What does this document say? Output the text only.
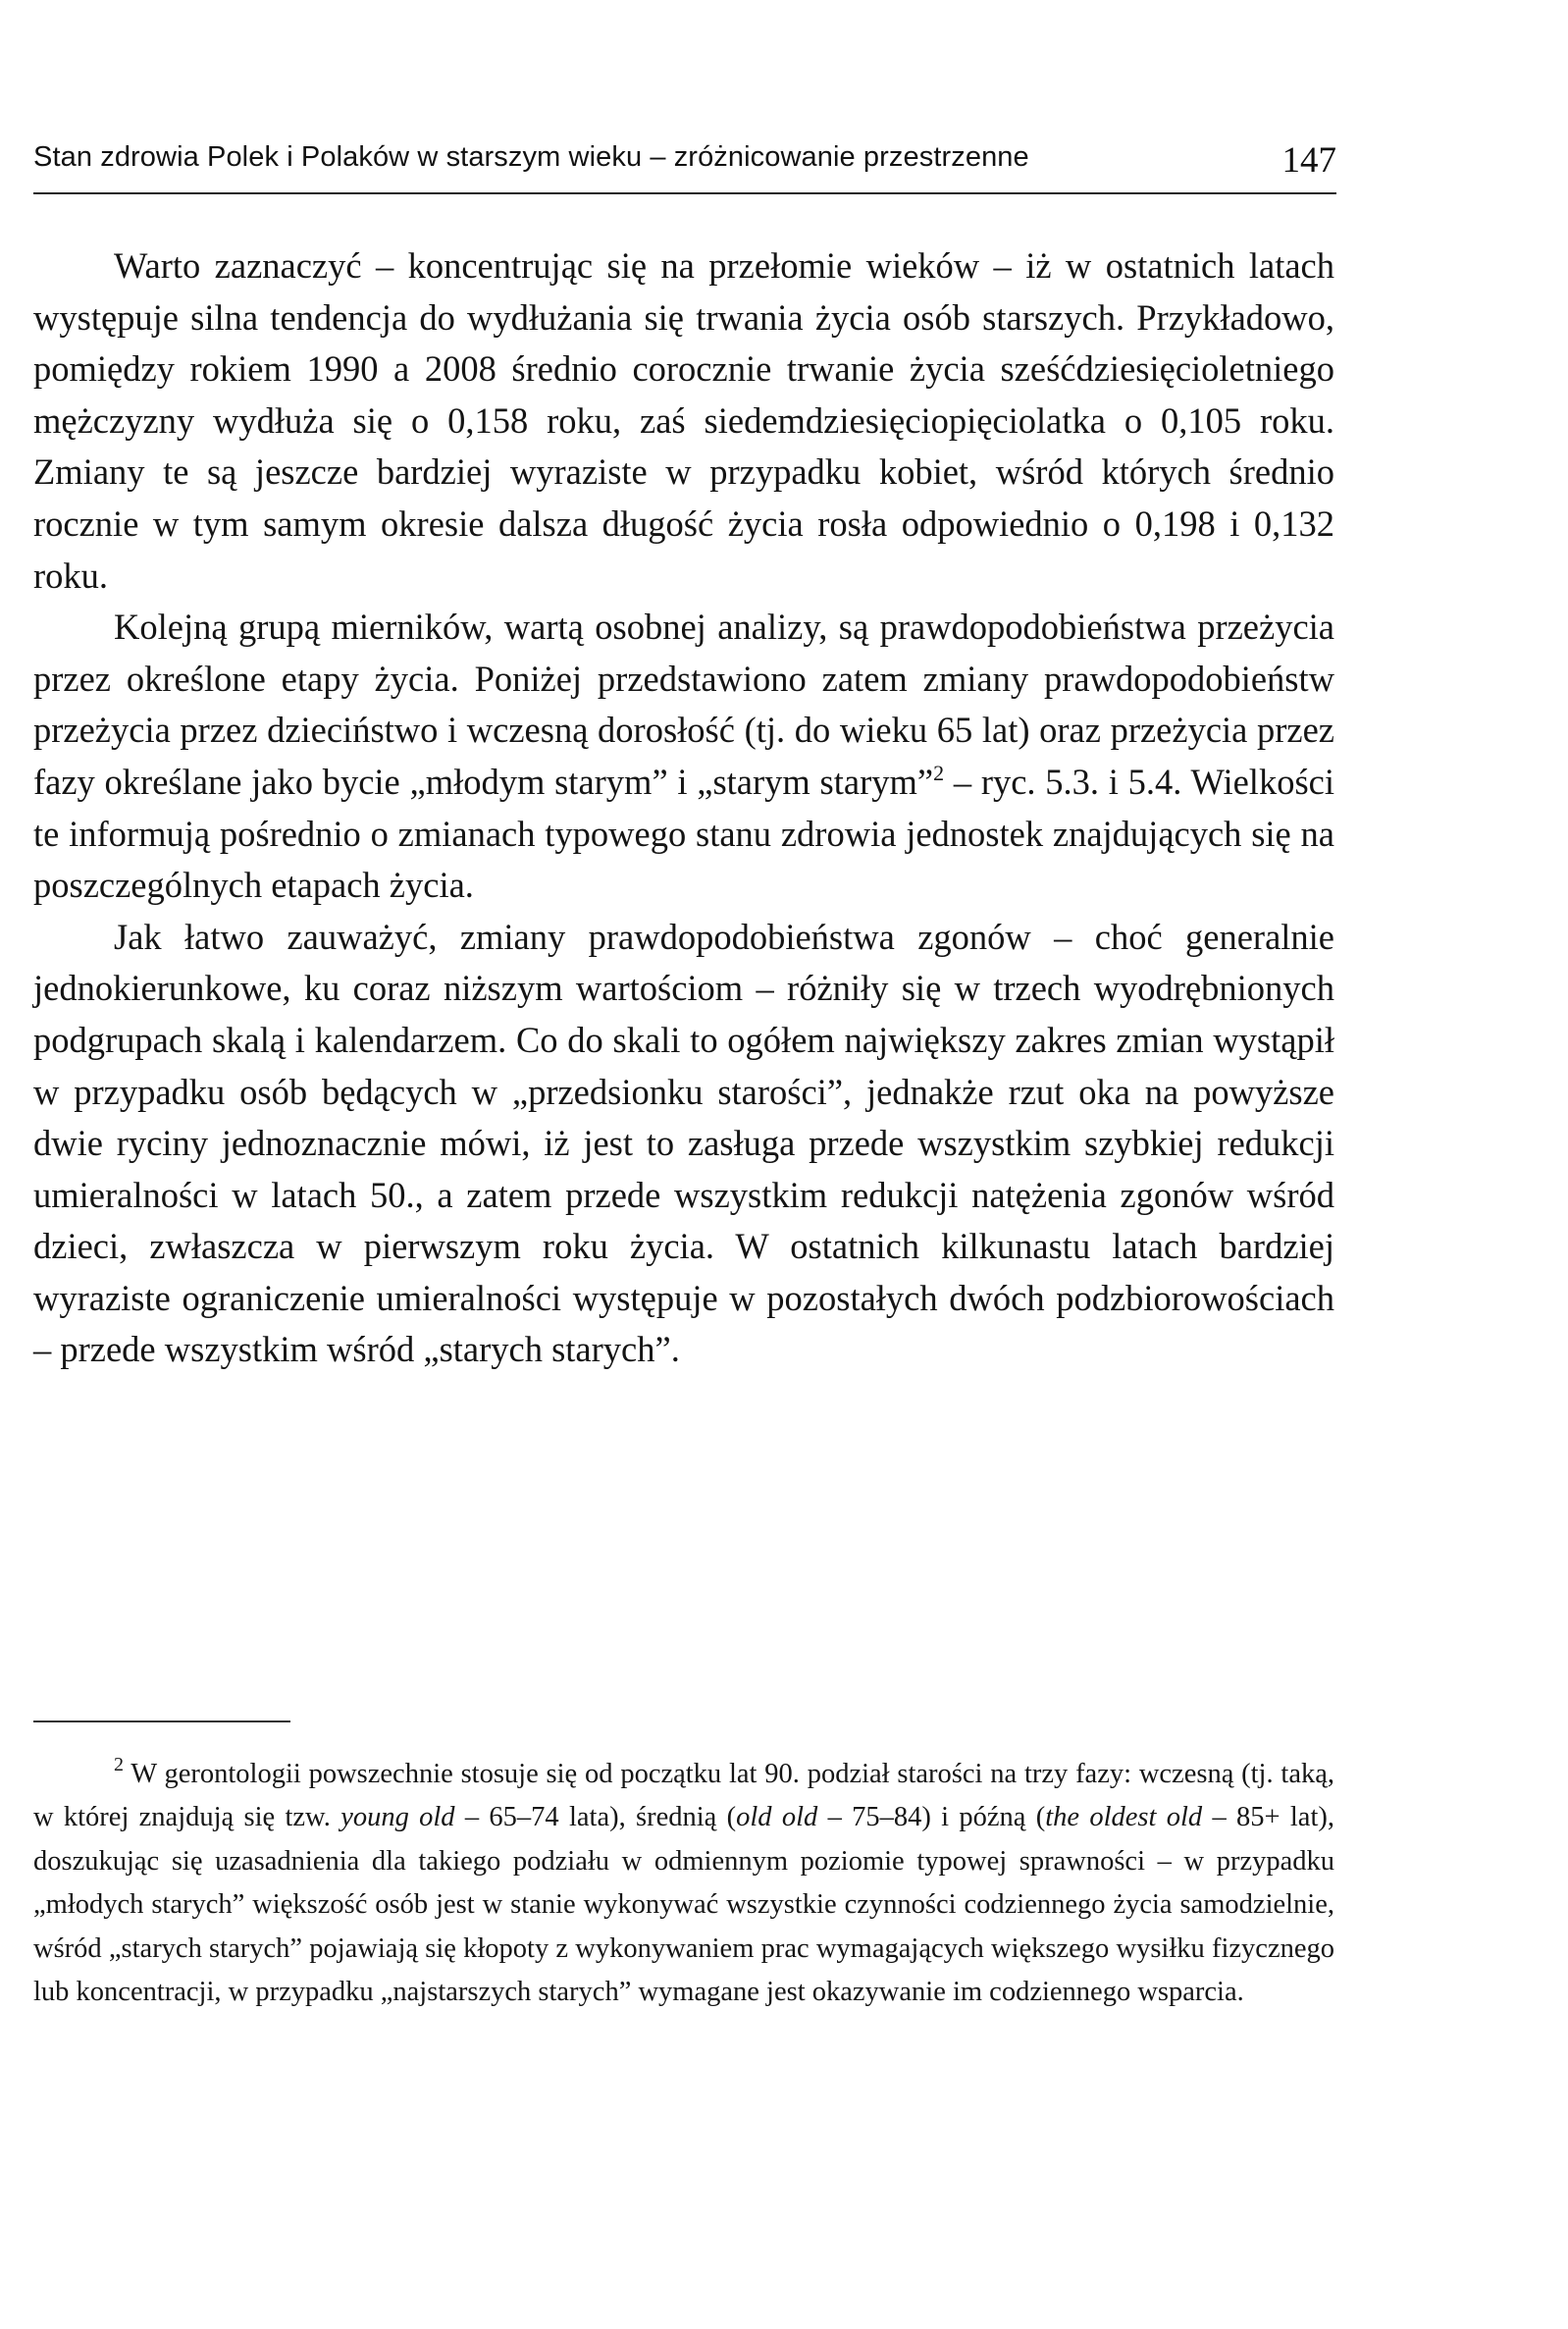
Stan zdrowia Polek i Polaków w starszym wieku – zróżnicowanie przestrzenne	147

Warto zaznaczyć – koncentrując się na przełomie wieków – iż w ostatnich latach występuje silna tendencja do wydłużania się trwania życia osób starszych. Przykładowo, pomiędzy rokiem 1990 a 2008 średnio corocznie trwanie życia sześćdziesięcioletniego mężczyzny wydłuża się o 0,158 roku, zaś siedemdziesięciopięciolatka o 0,105 roku. Zmiany te są jeszcze bardziej wyraziste w przypadku kobiet, wśród których średnio rocznie w tym samym okresie dalsza długość życia rosła odpowiednio o 0,198 i 0,132 roku.

Kolejną grupą mierników, wartą osobnej analizy, są prawdopodobieństwa przeżycia przez określone etapy życia. Poniżej przedstawiono zatem zmiany prawdopodobieństw przeżycia przez dzieciństwo i wczesną dorosłość (tj. do wieku 65 lat) oraz przeżycia przez fazy określane jako bycie „młodym starym” i „starym starym”$^2$ – ryc. 5.3. i 5.4. Wielkości te informują pośrednio o zmianach typowego stanu zdrowia jednostek znajdujących się na poszczególnych etapach życia.

Jak łatwo zauważyć, zmiany prawdopodobieństwa zgonów – choć generalnie jednokierunkowe, ku coraz niższym wartościom – różniły się w trzech wyodrębnionych podgrupach skalą i kalendarzem. Co do skali to ogółem największy zakres zmian wystąpił w przypadku osób będących w „przedsionku starości”, jednakże rzut oka na powyższe dwie ryciny jednoznacznie mówi, iż jest to zasługa przede wszystkim szybkiej redukcji umieralności w latach 50., a zatem przede wszystkim redukcji natężenia zgonów wśród dzieci, zwłaszcza w pierwszym roku życia. W ostatnich kilkunastu latach bardziej wyraziste ograniczenie umieralności występuje w pozostałych dwóch podzbiorowościach – przede wszystkim wśród „starych starych”.

$^2$ W gerontologii powszechnie stosuje się od początku lat 90. podział starości na trzy fazy: wczesną (tj. taką, w której znajdują się tzw. young old – 65–74 lata), średnią (old old – 75–84) i późną (the oldest old – 85+ lat), doszukując się uzasadnienia dla takiego podziału w odmiennym poziomie typowej sprawności – w przypadku „młodych starych” większość osób jest w stanie wykonywać wszystkie czynności codziennego życia samodzielnie, wśród „starych starych” pojawiają się kłopoty z wykonywaniem prac wymagających większego wysiłku fizycznego lub koncentracji, w przypadku „najstarszych starych” wymagane jest okazywanie im codziennego wsparcia.
